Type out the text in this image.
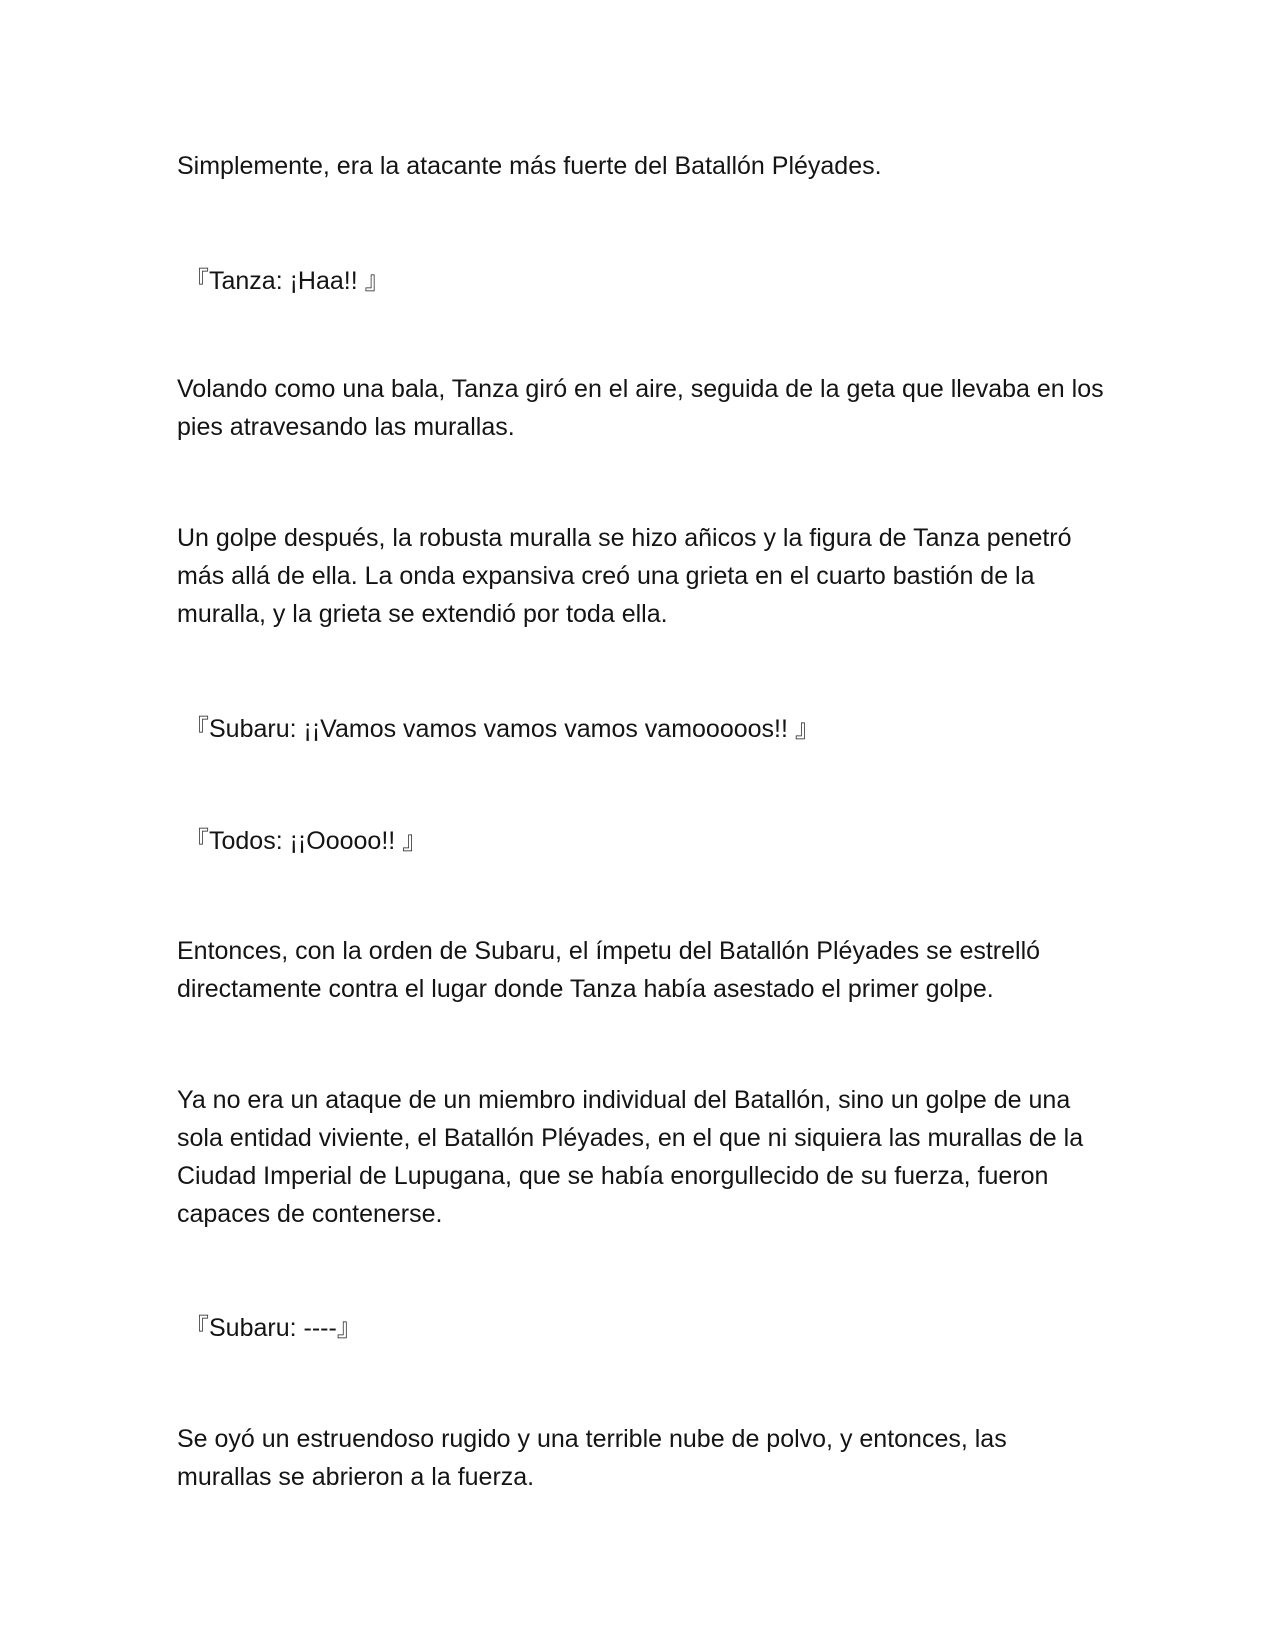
Simplemente, era la atacante más fuerte del Batallón Pléyades.

『Tanza: ¡Haa!! 』

Volando como una bala, Tanza giró en el aire, seguida de la geta que llevaba en los pies atravesando las murallas.

Un golpe después, la robusta muralla se hizo añicos y la figura de Tanza penetró más allá de ella. La onda expansiva creó una grieta en el cuarto bastión de la muralla, y la grieta se extendió por toda ella.

『Subaru: ¡¡Vamos vamos vamos vamos vamooooos!! 』

『Todos: ¡¡Ooooo!! 』

Entonces, con la orden de Subaru, el ímpetu del Batallón Pléyades se estrelló directamente contra el lugar donde Tanza había asestado el primer golpe.

Ya no era un ataque de un miembro individual del Batallón, sino un golpe de una sola entidad viviente, el Batallón Pléyades, en el que ni siquiera las murallas de la Ciudad Imperial de Lupugana, que se había enorgullecido de su fuerza, fueron capaces de contenerse.

『Subaru: ----』

Se oyó un estruendoso rugido y una terrible nube de polvo, y entonces, las murallas se abrieron a la fuerza.
